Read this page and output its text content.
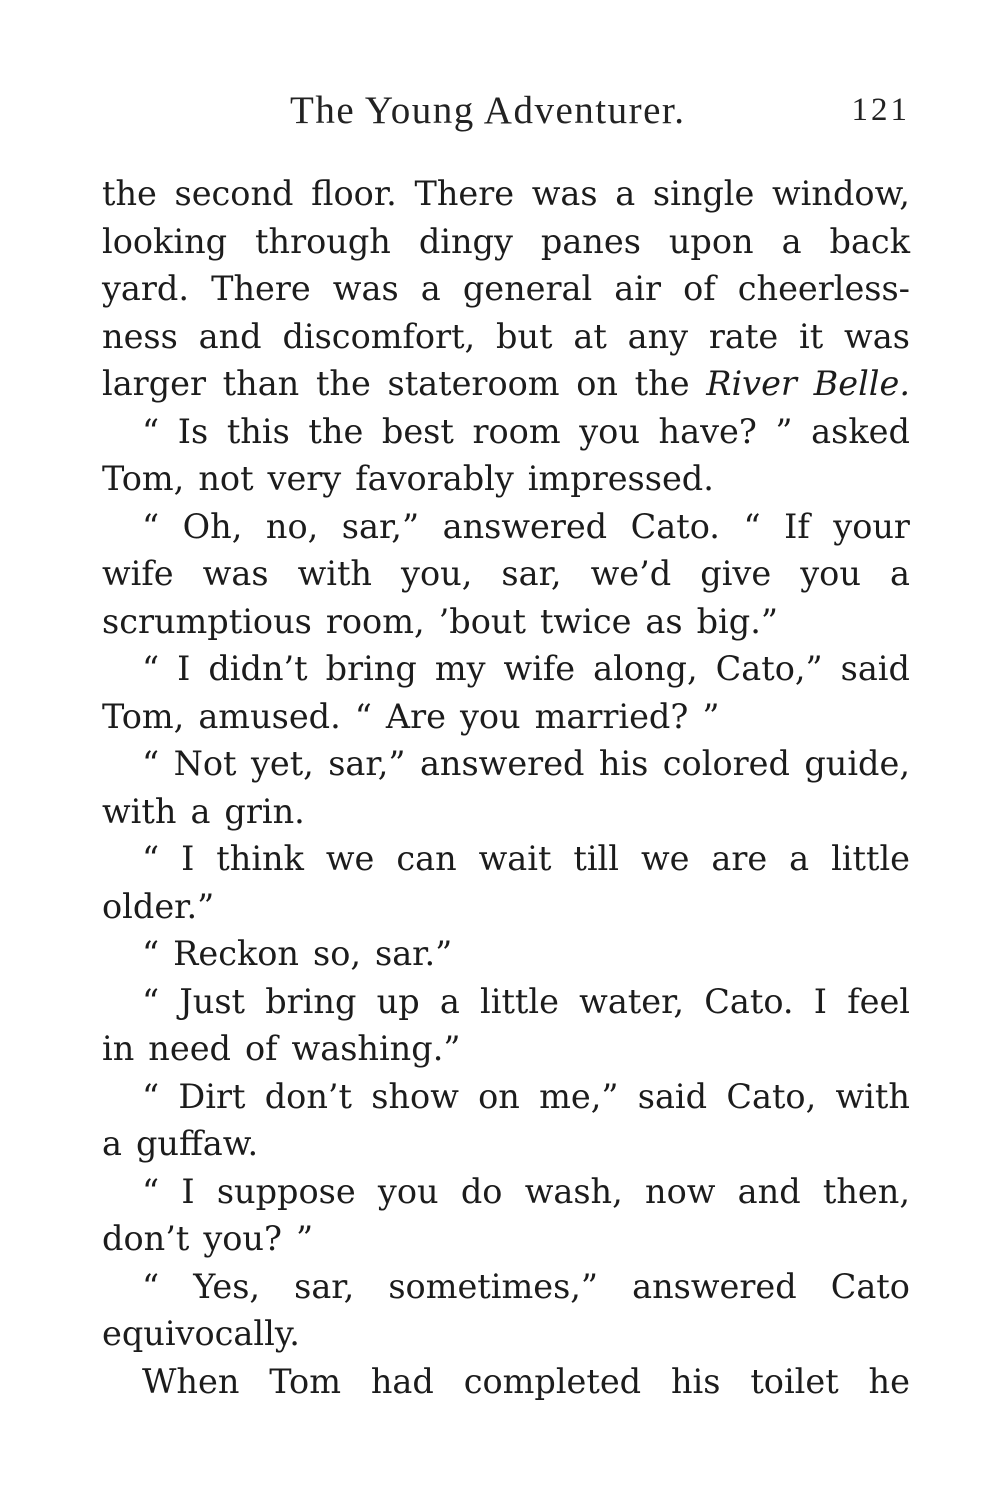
The Young Adventurer.	121
the second floor. There was a single window,
looking through dingy panes upon a back
yard. There was a general air of cheerless-
ness and discomfort, but at any rate it was
larger than the stateroom on the River Belle.
“ Is this the best room you have? ” asked
Tom, not very favorably impressed.
“ Oh, no, sar,” answered Cato. “ If your
wife was with you, sar, we’d give you a
scrumptious room, ’bout twice as big.”
“ I didn’t bring my wife along, Cato,” said
Tom, amused. “ Are you married? ”
“ Not yet, sar,” answered his colored guide,
with a grin.
“ I think we can wait till we are a little
older.”
“ Reckon so, sar.”
“ Just bring up a little water, Cato. I feel
in need of washing.”
“ Dirt don’t show on me,” said Cato, with
a guffaw.
“ I suppose you do wash, now and then,
don’t you? ”
“ Yes, sar, sometimes,” answered Cato
equivocally.
When Tom had completed his toilet he
